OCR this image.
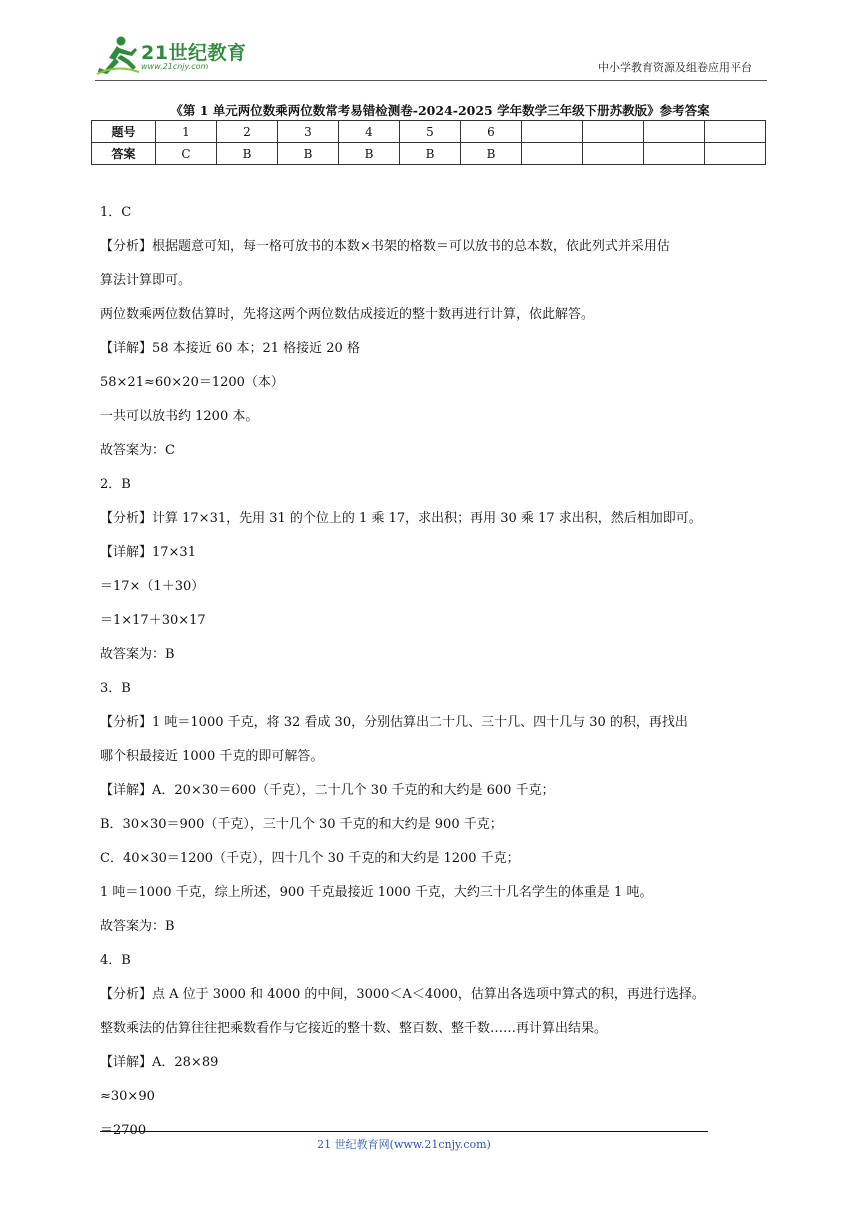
21世纪教育
www.21cnjy.com	中小学教育资源及组卷应用平台
《第 1 单元两位数乘两位数常考易错检测卷-2024-2025 学年数学三年级下册苏教版》参考答案
题号	1	2	3	4	5	6				
答案	C	B	B	B	B	B				

1．C

【分析】根据题意可知，每一格可放书的本数×书架的格数＝可以放书的总本数，依此列式并采用估

算法计算即可。

两位数乘两位数估算时，先将这两个两位数估成接近的整十数再进行计算，依此解答。

【详解】58 本接近 60 本；21 格接近 20 格

58×21≈60×20＝1200（本）

一共可以放书约 1200 本。

故答案为：C

2．B

【分析】计算 17×31，先用 31 的个位上的 1 乘 17，求出积；再用 30 乘 17 求出积，然后相加即可。

【详解】17×31

＝17×（1＋30）

＝1×17＋30×17

故答案为：B

3．B

【分析】1 吨＝1000 千克，将 32 看成 30，分别估算出二十几、三十几、四十几与 30 的积，再找出

哪个积最接近 1000 千克的即可解答。

【详解】A．20×30＝600（千克），二十几个 30 千克的和大约是 600 千克；

B．30×30＝900（千克），三十几个 30 千克的和大约是 900 千克；

C．40×30＝1200（千克），四十几个 30 千克的和大约是 1200 千克；

1 吨＝1000 千克，综上所述，900 千克最接近 1000 千克，大约三十几名学生的体重是 1 吨。

故答案为：B

4．B

【分析】点 A 位于 3000 和 4000 的中间，3000＜A＜4000，估算出各选项中算式的积，再进行选择。

整数乘法的估算往往把乘数看作与它接近的整十数、整百数、整千数……再计算出结果。

【详解】A．28×89

≈30×90

＝2700

21 世纪教育网(www.21cnjy.com)
